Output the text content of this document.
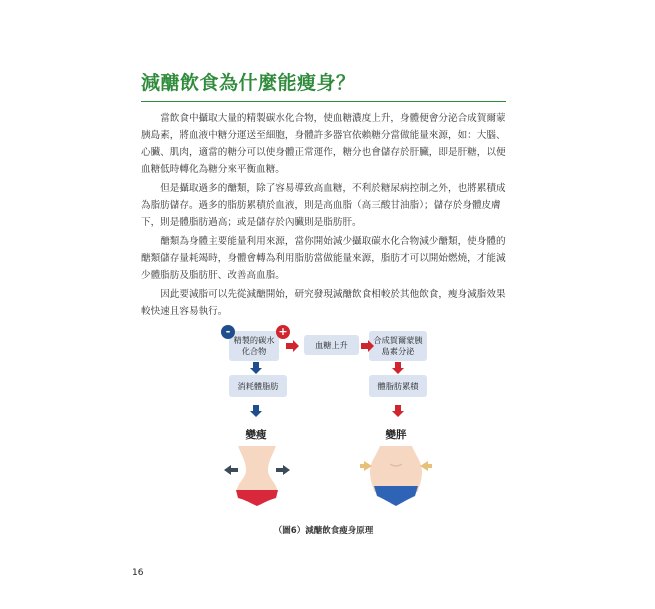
減醣飲食為什麼能瘦身？

當飲食中攝取大量的精製碳水化合物，使血糖濃度上升，身體便會分泌合成賀爾蒙胰島素，將血液中糖分運送至細胞，身體許多器官依賴糖分當做能量來源，如：大腦、心臟、肌肉，適當的糖分可以使身體正常運作，糖分也會儲存於肝臟，即是肝糖，以便血糖低時轉化為糖分來平衡血糖。

但是攝取過多的醣類，除了容易導致高血糖，不利於糖尿病控制之外，也將累積成為脂肪儲存。過多的脂肪累積於血液，則是高血脂（高三酸甘油脂）；儲存於身體皮膚下，則是體脂肪過高；或是儲存於內臟則是脂肪肝。

醣類為身體主要能量利用來源，當你開始減少攝取碳水化合物減少醣類，使身體的醣類儲存量耗竭時，身體會轉為利用脂肪當做能量來源，脂肪才可以開始燃燒，才能減少體脂肪及脂肪肝、改善高血脂。

因此要減脂可以先從減醣開始，研究發現減醣飲食相較於其他飲食，瘦身減脂效果較快速且容易執行。

精製的碳水化合物
-	+
血糖上升	合成賀爾蒙胰島素分泌
消耗體脂肪	體脂肪累積
變瘦	變胖
（圖6）減醣飲食瘦身原理
16
